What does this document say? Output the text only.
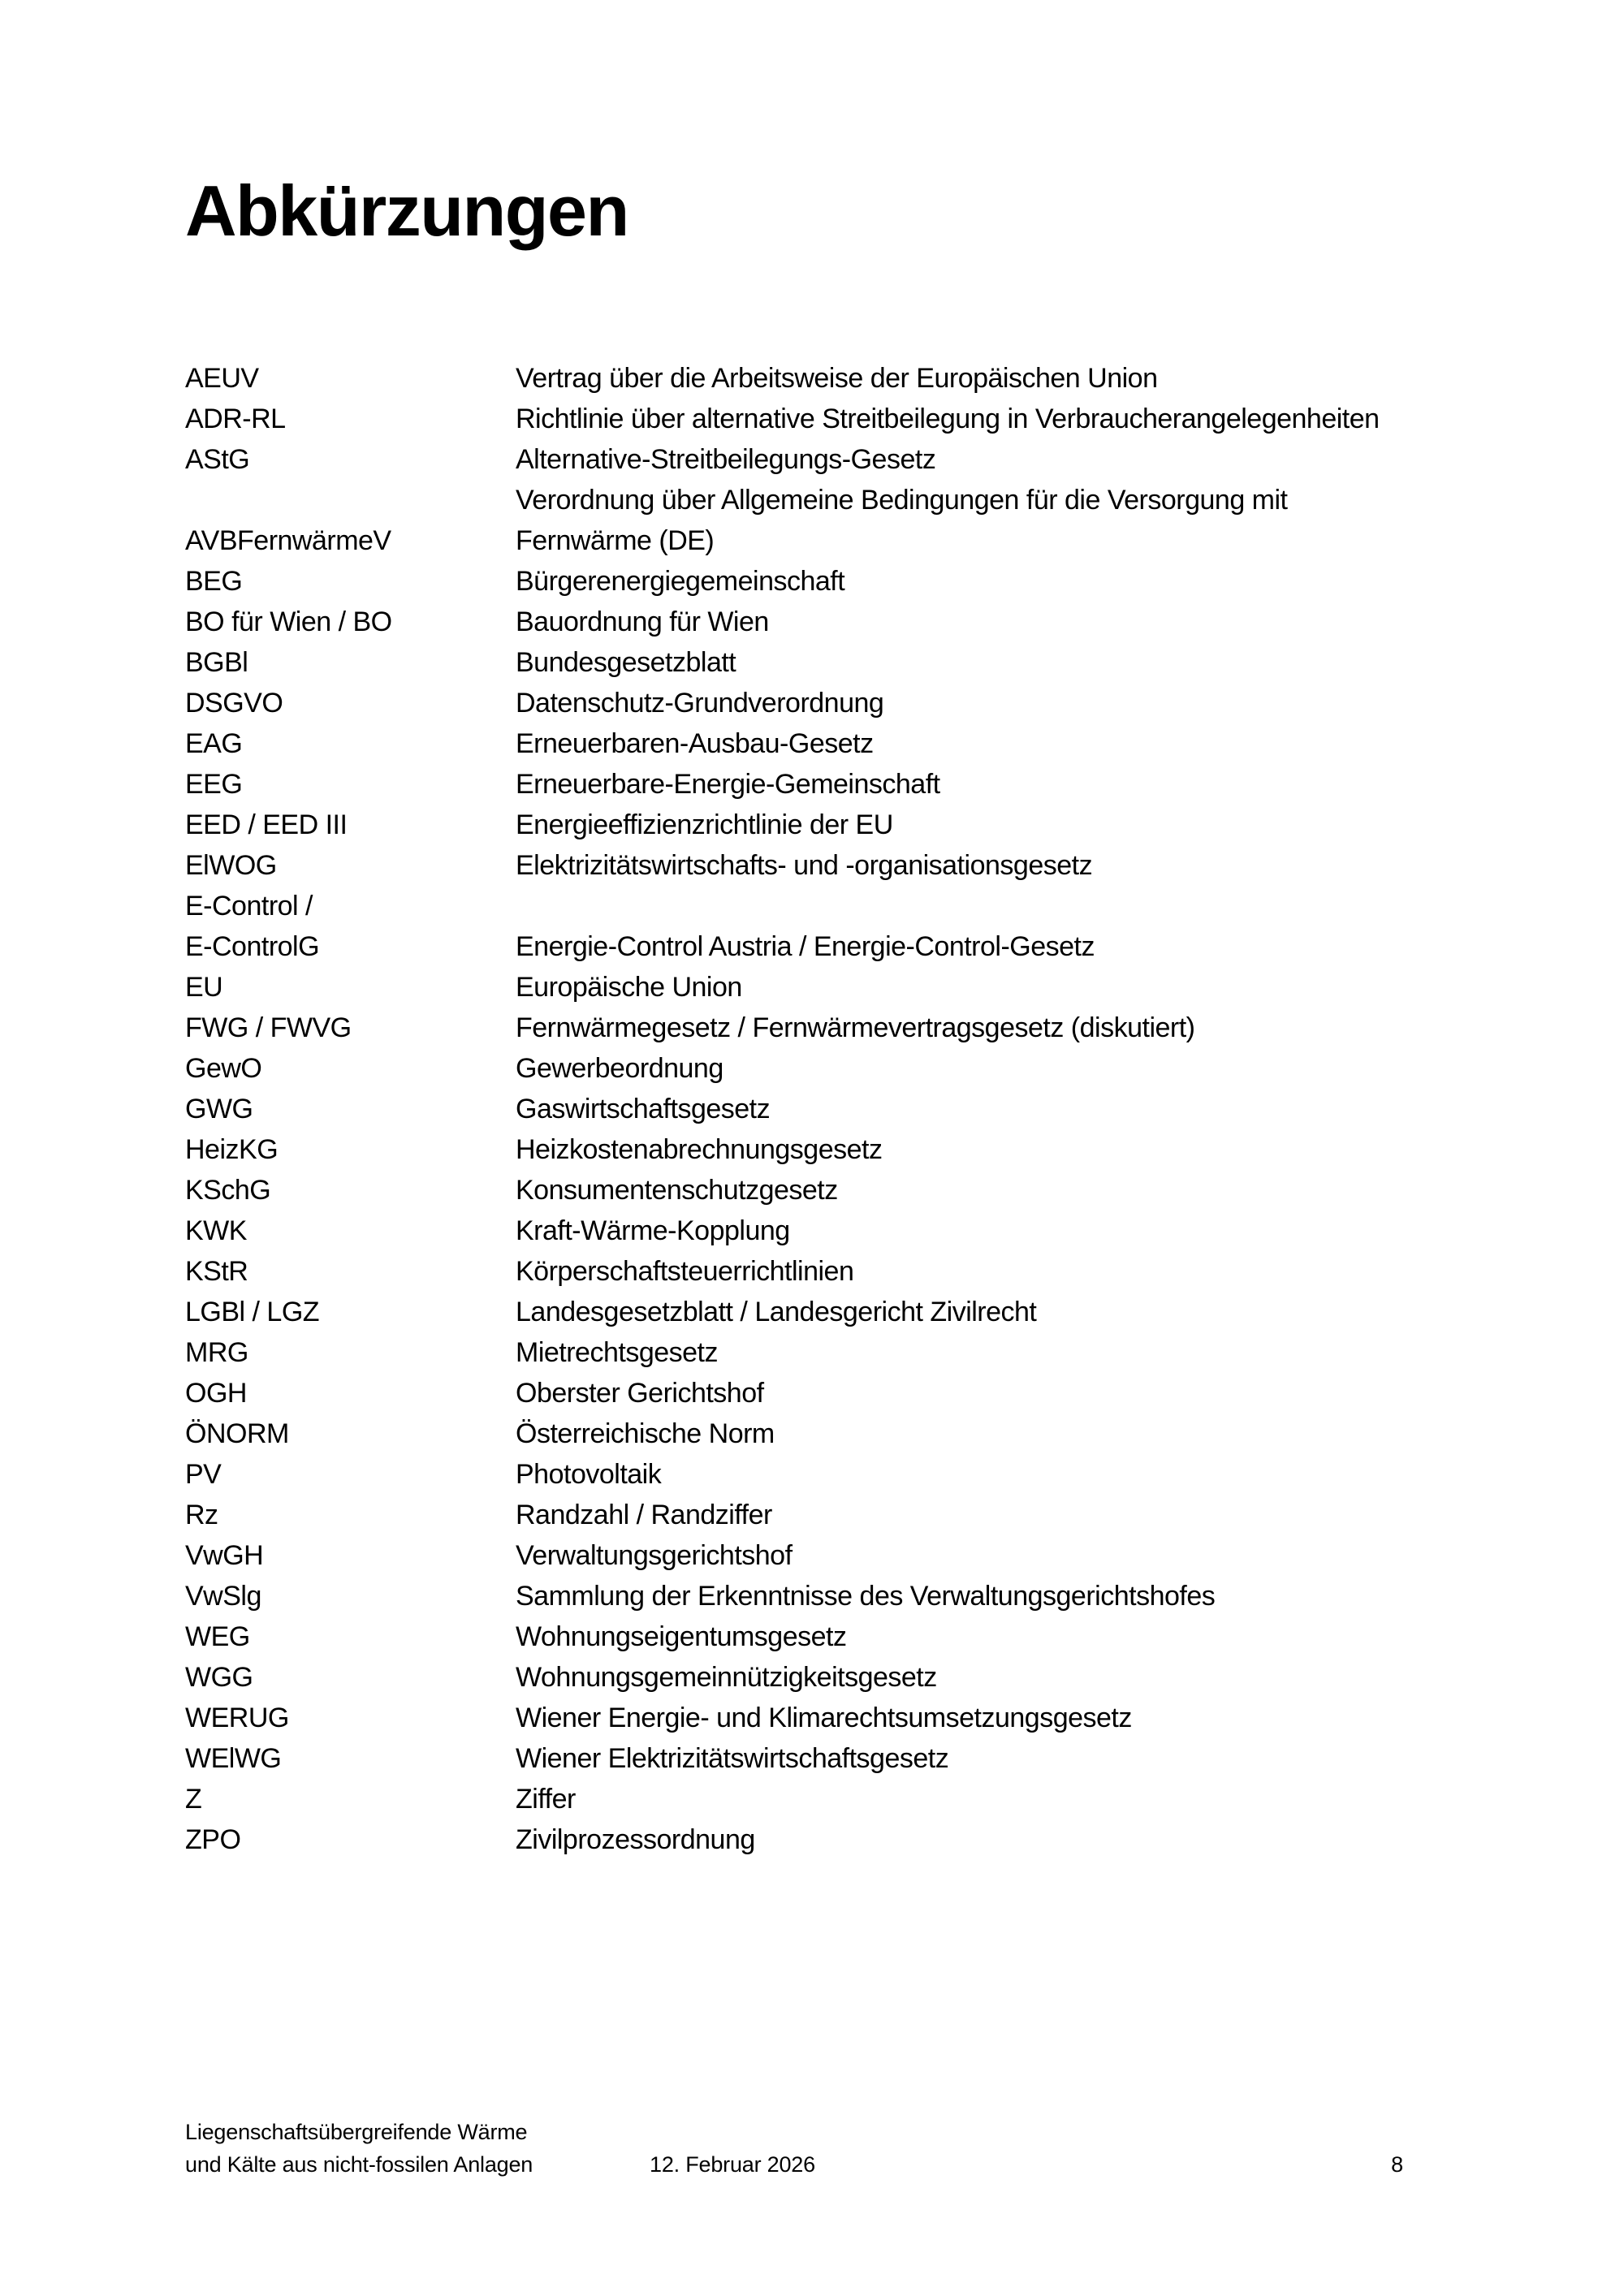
Abkürzungen
AEUV	Vertrag über die Arbeitsweise der Europäischen Union
ADR-RL	Richtlinie über alternative Streitbeilegung in Verbraucherangelegenheiten
AStG	Alternative-Streitbeilegungs-Gesetz
Verordnung über Allgemeine Bedingungen für die Versorgung mit
AVBFernwärmeV	Fernwärme (DE)
BEG	Bürgerenergiegemeinschaft
BO für Wien / BO	Bauordnung für Wien
BGBl	Bundesgesetzblatt
DSGVO	Datenschutz-Grundverordnung
EAG	Erneuerbaren-Ausbau-Gesetz
EEG	Erneuerbare-Energie-Gemeinschaft
EED / EED III	Energieeffizienzrichtlinie der EU
ElWOG	Elektrizitätswirtschafts- und -organisationsgesetz
E-Control /
E-ControlG	Energie-Control Austria / Energie-Control-Gesetz
EU	Europäische Union
FWG / FWVG	Fernwärmegesetz / Fernwärmevertragsgesetz (diskutiert)
GewO	Gewerbeordnung
GWG	Gaswirtschaftsgesetz
HeizKG	Heizkostenabrechnungsgesetz
KSchG	Konsumentenschutzgesetz
KWK	Kraft-Wärme-Kopplung
KStR	Körperschaftsteuerrichtlinien
LGBl / LGZ	Landesgesetzblatt / Landesgericht Zivilrecht
MRG	Mietrechtsgesetz
OGH	Oberster Gerichtshof
ÖNORM	Österreichische Norm
PV	Photovoltaik
Rz	Randzahl / Randziffer
VwGH	Verwaltungsgerichtshof
VwSlg	Sammlung der Erkenntnisse des Verwaltungsgerichtshofes
WEG	Wohnungseigentumsgesetz
WGG	Wohnungsgemeinnützigkeitsgesetz
WERUG	Wiener Energie- und Klimarechtsumsetzungsgesetz
WElWG	Wiener Elektrizitätswirtschaftsgesetz
Z	Ziffer
ZPO	Zivilprozessordnung
Liegenschaftsübergreifende Wärme
und Kälte aus nicht-fossilen Anlagen	12. Februar 2026	8
